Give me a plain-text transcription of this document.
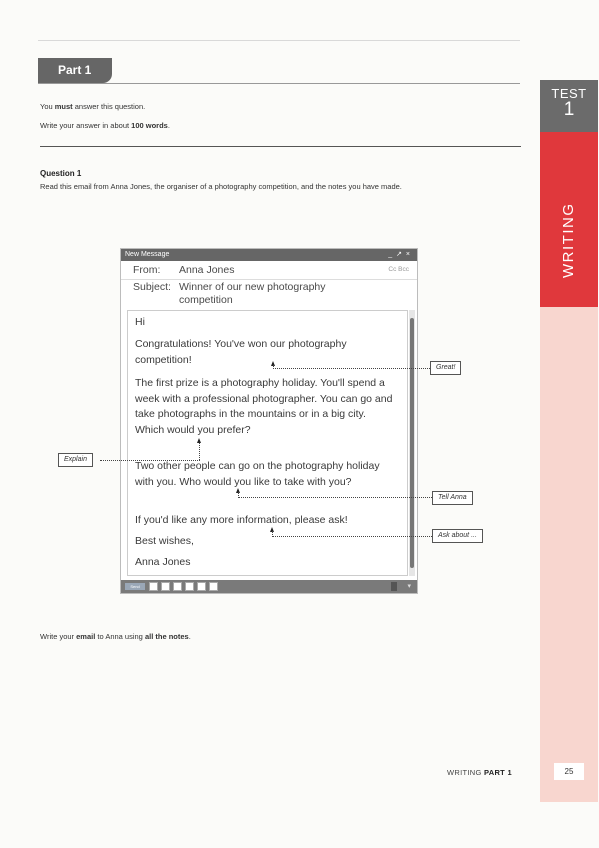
Part 1
You must answer this question.
Write your answer in about 100 words.
Question 1
Read this email from Anna Jones, the organiser of a photography competition, and the notes you have made.
TEST
1
WRITING
New Message	_ ↗ ×
From: Anna Jones	Cc Bcc
Subject: Winner of our new photography
competition
Hi
Congratulations! You've won our photography competition!
The first prize is a photography holiday. You'll spend a week with a professional photographer. You can go and take photographs in the mountains or in a big city. Which would you prefer?
Two other people can go on the photography holiday with you. Who would you like to take with you?
If you'd like any more information, please ask!
Best wishes,
Anna Jones
Send	▾
Great!
Explain
Tell Anna
Ask about ...
Write your email to Anna using all the notes.
WRITING PART 1	25
